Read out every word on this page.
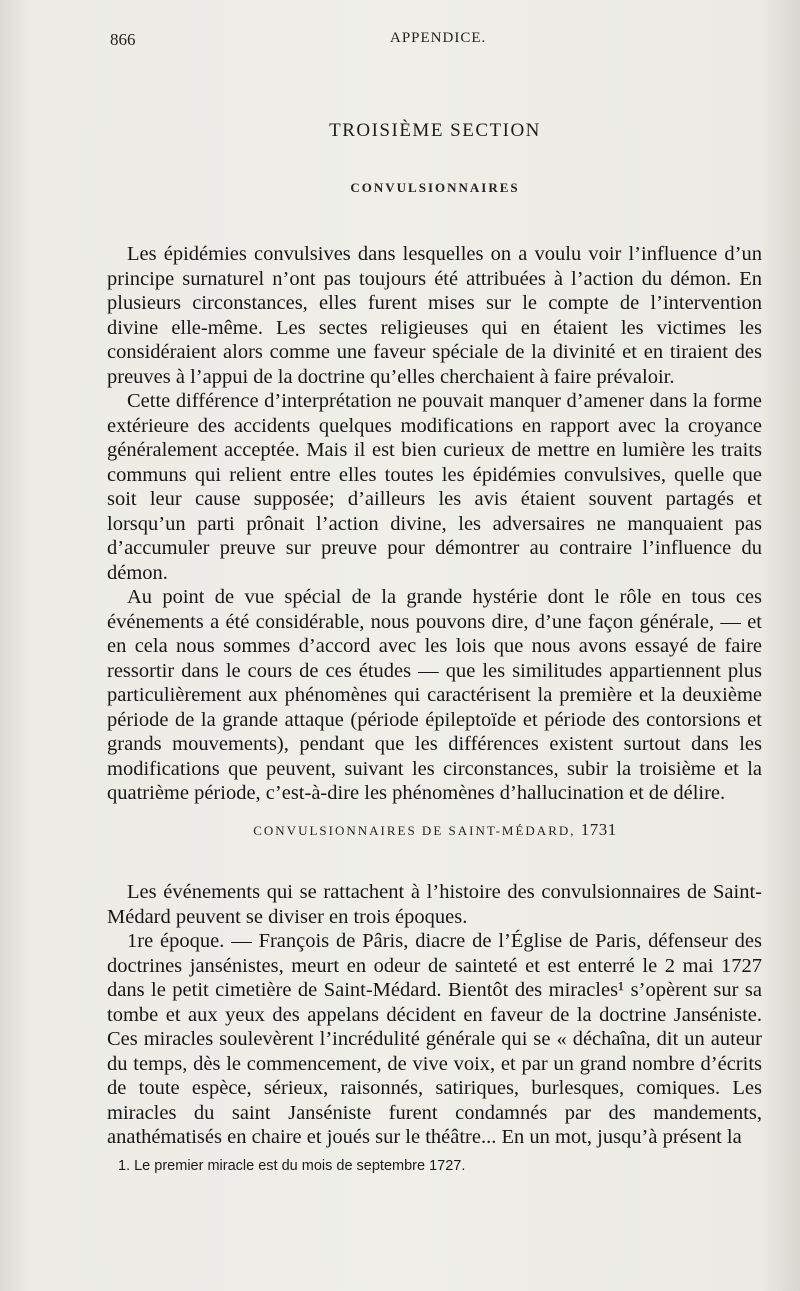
866	APPENDICE.
TROISIÈME SECTION
CONVULSIONNAIRES

Les épidémies convulsives dans lesquelles on a voulu voir l’influence d’un principe surnaturel n’ont pas toujours été attribuées à l’action du démon. En plusieurs circonstances, elles furent mises sur le compte de l’intervention divine elle-même. Les sectes religieuses qui en étaient les victimes les considéraient alors comme une faveur spéciale de la divinité et en tiraient des preuves à l’appui de la doctrine qu’elles cherchaient à faire prévaloir.

Cette différence d’interprétation ne pouvait manquer d’amener dans la forme extérieure des accidents quelques modifications en rapport avec la croyance généralement acceptée. Mais il est bien curieux de mettre en lumière les traits communs qui relient entre elles toutes les épidémies convulsives, quelle que soit leur cause supposée; d’ailleurs les avis étaient souvent partagés et lorsqu’un parti prônait l’action divine, les adversaires ne manquaient pas d’accumuler preuve sur preuve pour démontrer au contraire l’influence du démon.

Au point de vue spécial de la grande hystérie dont le rôle en tous ces événements a été considérable, nous pouvons dire, d’une façon générale, — et en cela nous sommes d’accord avec les lois que nous avons essayé de faire ressortir dans le cours de ces études — que les similitudes appartiennent plus particulièrement aux phénomènes qui caractérisent la première et la deuxième période de la grande attaque (période épileptoïde et période des contorsions et grands mouvements), pendant que les différences existent surtout dans les modifications que peuvent, suivant les circonstances, subir la troisième et la quatrième période, c’est-à-dire les phénomènes d’hallucination et de délire.

CONVULSIONNAIRES DE SAINT-MÉDARD, 1731

Les événements qui se rattachent à l’histoire des convulsionnaires de Saint-Médard peuvent se diviser en trois époques.

1re époque. — François de Pâris, diacre de l’Église de Paris, défenseur des doctrines jansénistes, meurt en odeur de sainteté et est enterré le 2 mai 1727 dans le petit cimetière de Saint-Médard. Bientôt des miracles¹ s’opèrent sur sa tombe et aux yeux des appelans décident en faveur de la doctrine Janséniste. Ces miracles soulevèrent l’incrédulité générale qui se « déchaîna, dit un auteur du temps, dès le commencement, de vive voix, et par un grand nombre d’écrits de toute espèce, sérieux, raisonnés, satiriques, burlesques, comiques. Les miracles du saint Janséniste furent condamnés par des mandements, anathématisés en chaire et joués sur le théâtre... En un mot, jusqu’à présent la

1. Le premier miracle est du mois de septembre 1727.
